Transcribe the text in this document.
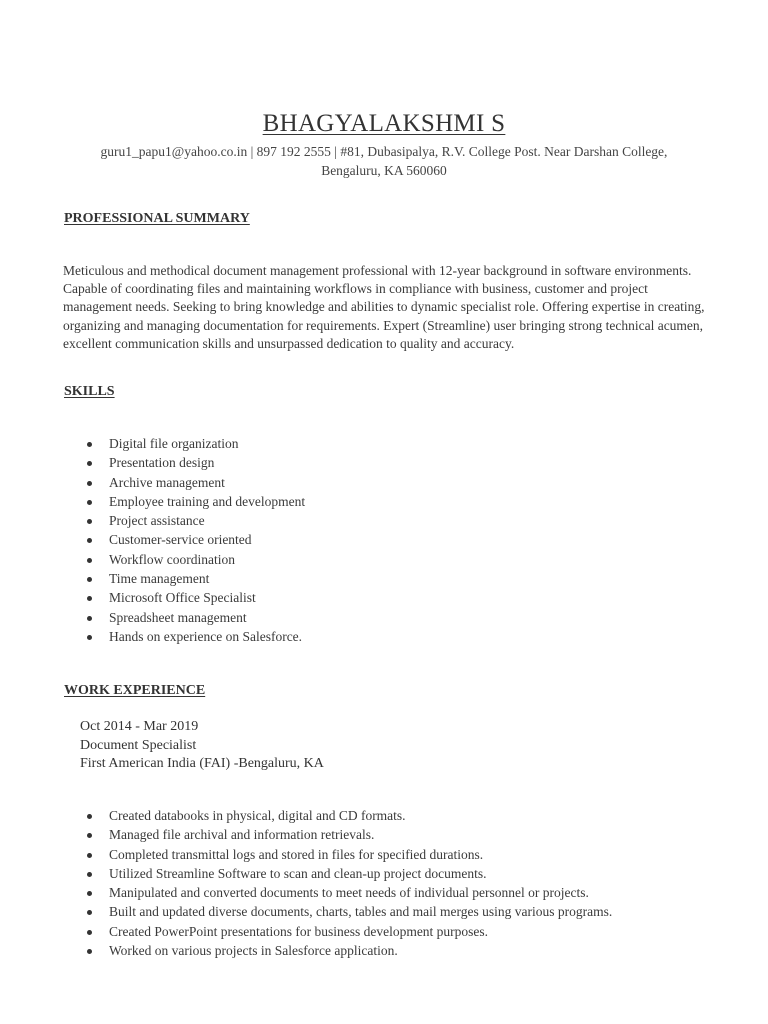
BHAGYALAKSHMI S
guru1_papu1@yahoo.co.in | 897 192 2555 | #81, Dubasipalya, R.V. College Post. Near Darshan College,
Bengaluru, KA 560060
PROFESSIONAL SUMMARY
Meticulous and methodical document management professional with 12-year background in software environments. Capable of coordinating files and maintaining workflows in compliance with business, customer and project management needs. Seeking to bring knowledge and abilities to dynamic specialist role. Offering expertise in creating, organizing and managing documentation for requirements. Expert (Streamline) user bringing strong technical acumen, excellent communication skills and unsurpassed dedication to quality and accuracy.
SKILLS
Digital file organization
Presentation design
Archive management
Employee training and development
Project assistance
Customer-service oriented
Workflow coordination
Time management
Microsoft Office Specialist
Spreadsheet management
Hands on experience on Salesforce.
WORK EXPERIENCE
Oct 2014 - Mar 2019
Document Specialist
First American India (FAI) -Bengaluru, KA
Created databooks in physical, digital and CD formats.
Managed file archival and information retrievals.
Completed transmittal logs and stored in files for specified durations.
Utilized Streamline Software to scan and clean-up project documents.
Manipulated and converted documents to meet needs of individual personnel or projects.
Built and updated diverse documents, charts, tables and mail merges using various programs.
Created PowerPoint presentations for business development purposes.
Worked on various projects in Salesforce application.
